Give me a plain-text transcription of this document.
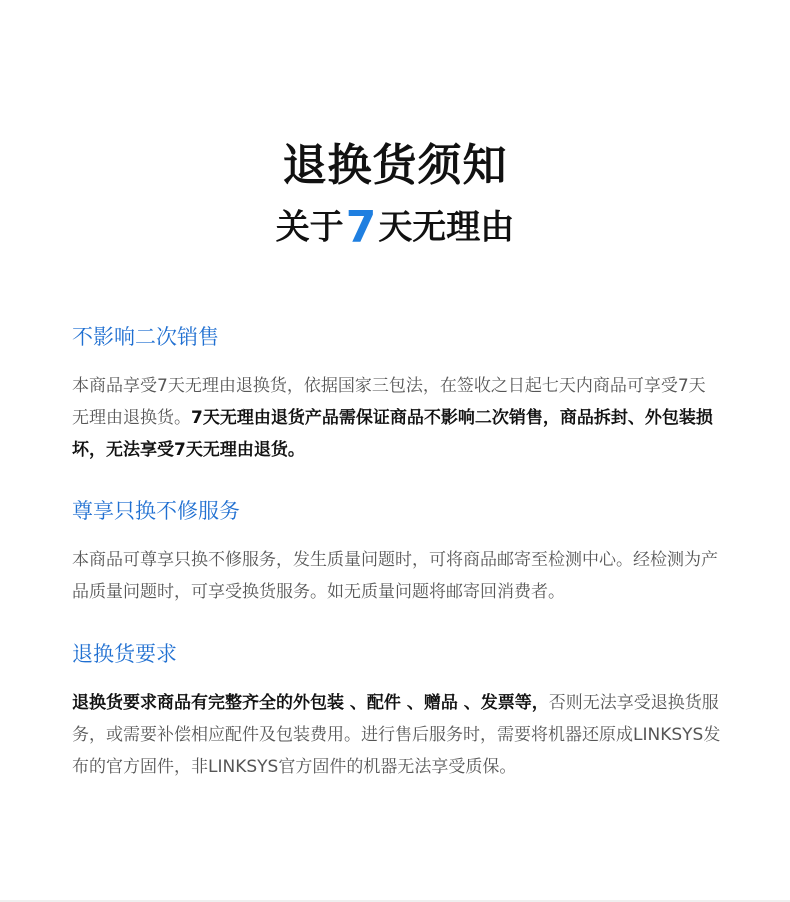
退换货须知
关于7天无理由
不影响二次销售

本商品享受7天无理由退换货，依据国家三包法，在签收之日起七天内商品可享受7天无理由退换货。7天无理由退货产品需保证商品不影响二次销售，商品拆封、外包装损坏，无法享受7天无理由退货。

尊享只换不修服务

本商品可尊享只换不修服务，发生质量问题时，可将商品邮寄至检测中心。经检测为产品质量问题时，可享受换货服务。如无质量问题将邮寄回消费者。

退换货要求

退换货要求商品有完整齐全的外包装 、配件 、赠品 、发票等，否则无法享受退换货服务，或需要补偿相应配件及包装费用。进行售后服务时，需要将机器还原成LINKSYS发布的官方固件，非LINKSYS官方固件的机器无法享受质保。
